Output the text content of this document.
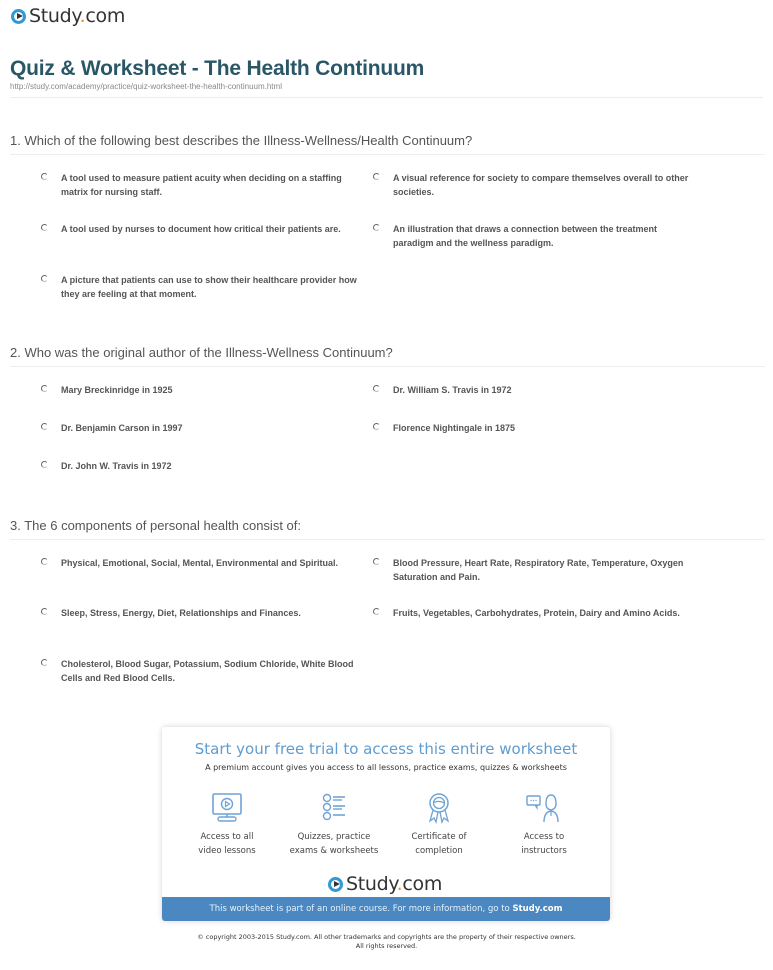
Study.com
Quiz & Worksheet - The Health Continuum
http://study.com/academy/practice/quiz-worksheet-the-health-continuum.html
1. Which of the following best describes the Illness-Wellness/Health Continuum?
A tool used to measure patient acuity when deciding on a staffing matrix for nursing staff.
A visual reference for society to compare themselves overall to other societies.
A tool used by nurses to document how critical their patients are.	An illustration that draws a connection between the treatment paradigm and the wellness paradigm.
A picture that patients can use to show their healthcare provider how they are feeling at that moment.
2. Who was the original author of the Illness-Wellness Continuum?
Mary Breckinridge in 1925	Dr. William S. Travis in 1972
Dr. Benjamin Carson in 1997	Florence Nightingale in 1875
Dr. John W. Travis in 1972
3. The 6 components of personal health consist of:
Physical, Emotional, Social, Mental, Environmental and Spiritual.	Blood Pressure, Heart Rate, Respiratory Rate, Temperature, Oxygen Saturation and Pain.
Sleep, Stress, Energy, Diet, Relationships and Finances.	Fruits, Vegetables, Carbohydrates, Protein, Dairy and Amino Acids.
Cholesterol, Blood Sugar, Potassium, Sodium Chloride, White Blood Cells and Red Blood Cells.
Start your free trial to access this entire worksheet
A premium account gives you access to all lessons, practice exams, quizzes & worksheets
Access to all
video lessons
Quizzes, practice
exams & worksheets
Certificate of
completion
Access to
instructors
Study.com
This worksheet is part of an online course. For more information, go to Study.com
© copyright 2003-2015 Study.com. All other trademarks and copyrights are the property of their respective owners.
All rights reserved.
